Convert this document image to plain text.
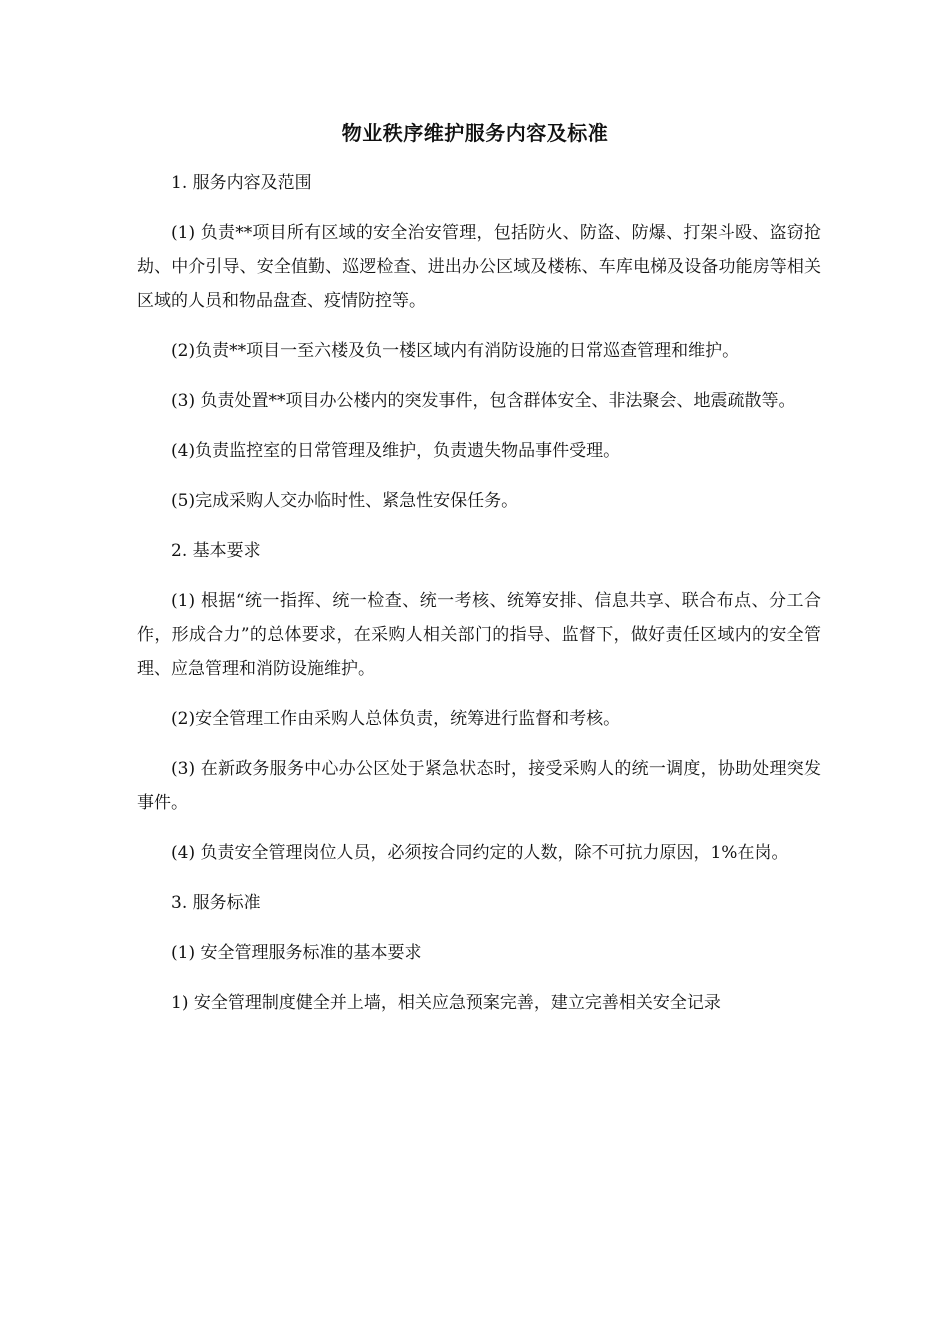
物业秩序维护服务内容及标准

1. 服务内容及范围

(1) 负责**项目所有区域的安全治安管理，包括防火、防盗、防爆、打架斗殴、盗窃抢劫、中介引导、安全值勤、巡逻检查、进出办公区域及楼栋、车库电梯及设备功能房等相关区域的人员和物品盘查、疫情防控等。

(2)负责**项目一至六楼及负一楼区域内有消防设施的日常巡查管理和维护。

(3) 负责处置**项目办公楼内的突发事件，包含群体安全、非法聚会、地震疏散等。

(4)负责监控室的日常管理及维护，负责遗失物品事件受理。

(5)完成采购人交办临时性、紧急性安保任务。

2. 基本要求

(1) 根据“统一指挥、统一检查、统一考核、统筹安排、信息共享、联合布点、分工合作，形成合力”的总体要求，在采购人相关部门的指导、监督下，做好责任区域内的安全管理、应急管理和消防设施维护。

(2)安全管理工作由采购人总体负责，统筹进行监督和考核。

(3) 在新政务服务中心办公区处于紧急状态时，接受采购人的统一调度，协助处理突发事件。

(4) 负责安全管理岗位人员，必须按合同约定的人数，除不可抗力原因，1%在岗。

3. 服务标准

(1) 安全管理服务标准的基本要求

1) 安全管理制度健全并上墙，相关应急预案完善，建立完善相关安全记录
